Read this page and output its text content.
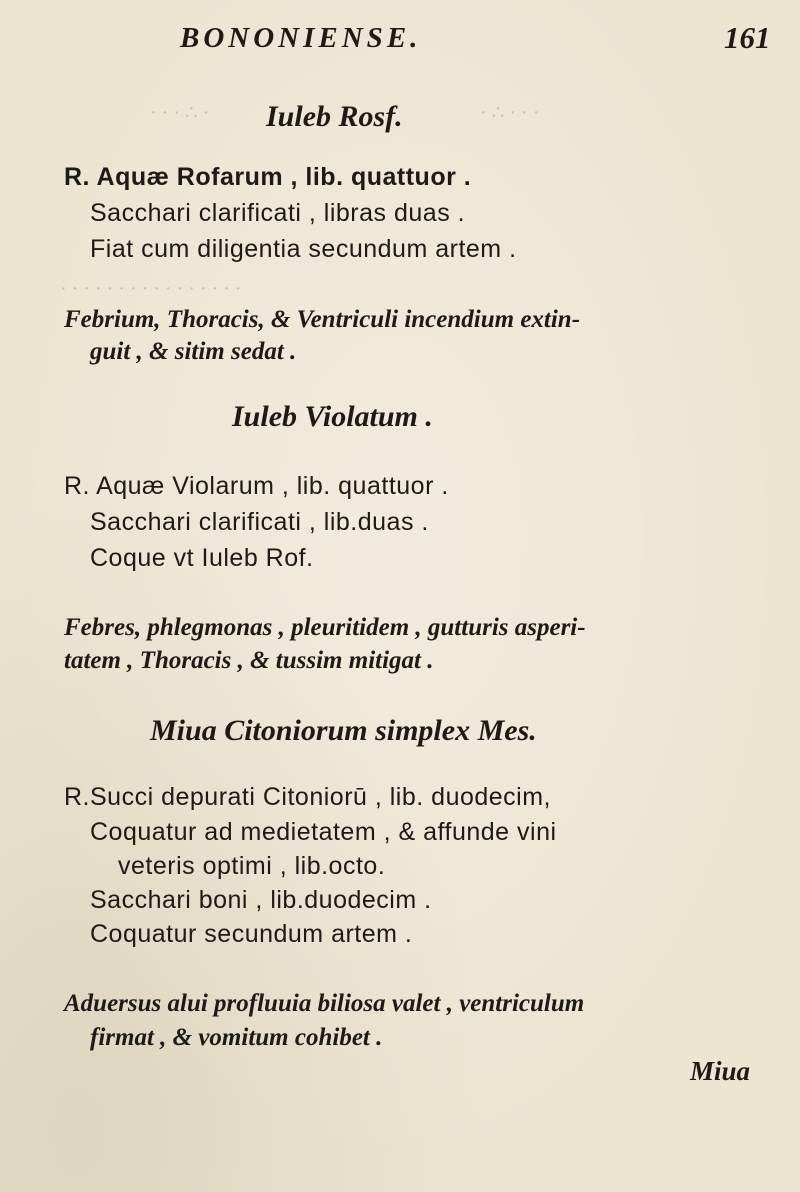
BONONIENSE.	161
· · · ∴ ·	· ∴ · · ·
· · · · · · · · · · · · · · · ·
Iuleb Rosf.
R. Aquæ Rofarum , lib. quattuor .
Sacchari clarificati , libras duas .
Fiat cum diligentia secundum artem .
Febrium, Thoracis, & Ventriculi incendium extin-
guit , & sitim sedat .
Iuleb Violatum .
R. Aquæ Violarum , lib. quattuor .
Sacchari clarificati , lib.duas .
Coque vt Iuleb Rof.
Febres, phlegmonas , pleuritidem , gutturis asperi-
tatem , Thoracis , & tussim mitigat .
Miua Citoniorum simplex Mes.
R.Succi depurati Citoniorū , lib. duodecim,
Coquatur ad medietatem , & affunde vini
veteris optimi , lib.octo.
Sacchari boni , lib.duodecim .
Coquatur secundum artem .
Aduersus alui profluuia biliosa valet , ventriculum
firmat , & vomitum cohibet .
Miua
